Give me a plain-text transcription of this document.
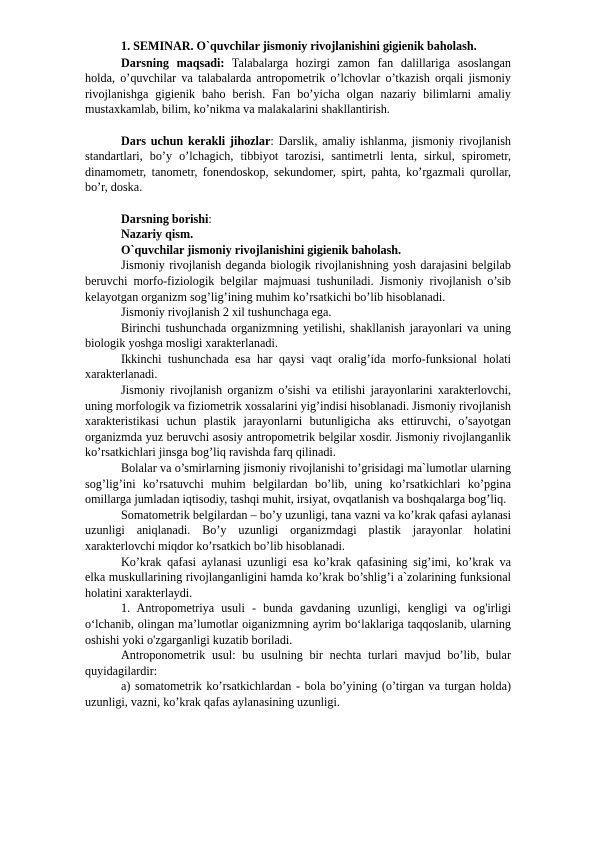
1. SEMINAR. O`quvchilar jismoniy rivojlanishini gigienik baholash.

Darsning maqsadi: Talabalarga hozirgi zamon fan dalillariga asoslangan holda, o’quvchilar va talabalarda antropometrik o’lchovlar o’tkazish orqali jismoniy rivojlanishga gigienik baho berish. Fan bo’yicha olgan nazariy bilimlarni amaliy mustaxkamlab, bilim, ko’nikma va malakalarini shakllantirish.

Dars uchun kerakli jihozlar: Darslik, amaliy ishlanma, jismoniy rivojlanish standartlari, bo’y o’lchagich, tibbiyot tarozisi, santimetrli lenta, sirkul, spirometr, dinamometr, tanometr, fonendoskop, sekundomer, spirt, pahta, ko’rgazmali qurollar, bo’r, doska.

Darsning borishi:

Nazariy qism.

O`quvchilar jismoniy rivojlanishini gigienik baholash.

Jismoniy rivojlanish deganda biologik rivojlanishning yosh darajasini belgilab beruvchi morfo-fiziologik belgilar majmuasi tushuniladi. Jismoniy rivojlanish o’sib kelayotgan organizm sog’lig’ining muhim ko’rsatkichi bo’lib hisoblanadi.

Jismoniy rivojlanish 2 xil tushunchaga ega.

Birinchi tushunchada organizmning yetilishi, shakllanish jarayonlari va uning biologik yoshga mosligi xarakterlanadi.

Ikkinchi tushunchada esa har qaysi vaqt oralig’ida morfo-funksional holati xarakterlanadi.

Jismoniy rivojlanish organizm o’sishi va etilishi jarayonlarini xarakterlovchi, uning morfologik va fiziometrik xossalarini yig’indisi hisoblanadi. Jismoniy rivojlanish xarakteristikasi uchun plastik jarayonlarni butunligicha aks ettiruvchi, o’sayotgan organizmda yuz beruvchi asosiy antropometrik belgilar xosdir. Jismoniy rivojlanganlik ko’rsatkichlari jinsga bog’liq ravishda farq qilinadi.

Bolalar va o’smirlarning jismoniy rivojlanishi to’grisidagi ma`lumotlar ularning sog’lig’ini ko’rsatuvchi muhim belgilardan bo’lib, uning ko’rsatkichlari ko’pgina omillarga jumladan iqtisodiy, tashqi muhit, irsiyat, ovqatlanish va boshqalarga bog’liq.

Somatometrik belgilardan – bo’y uzunligi, tana vazni va ko’krak qafasi aylanasi uzunligi aniqlanadi. Bo’y uzunligi organizmdagi plastik jarayonlar holatini xarakterlovchi miqdor ko’rsatkich bo’lib hisoblanadi.

Ko’krak qafasi aylanasi uzunligi esa ko’krak qafasining sig’imi, ko’krak va elka muskullarining rivojlanganligini hamda ko’krak bo’shlig’i a`zolarining funksional holatini xarakterlaydi.

1. Antropometriya usuli - bunda gavdaning uzunligi, kengligi va og'irligi o‘lchanib, olingan ma’lumotlar oiganizmning ayrim bo‘laklariga taqqoslanib, ularning oshishi yoki o'zgarganligi kuzatib boriladi.

Antroponometrik usul: bu usulning bir nechta turlari mavjud bo’lib, bular quyidagilardir:

a) somatometrik ko’rsatkichlardan - bola bo’yining (o’tirgan va turgan holda) uzunligi, vazni, ko’krak qafas aylanasining uzunligi.
